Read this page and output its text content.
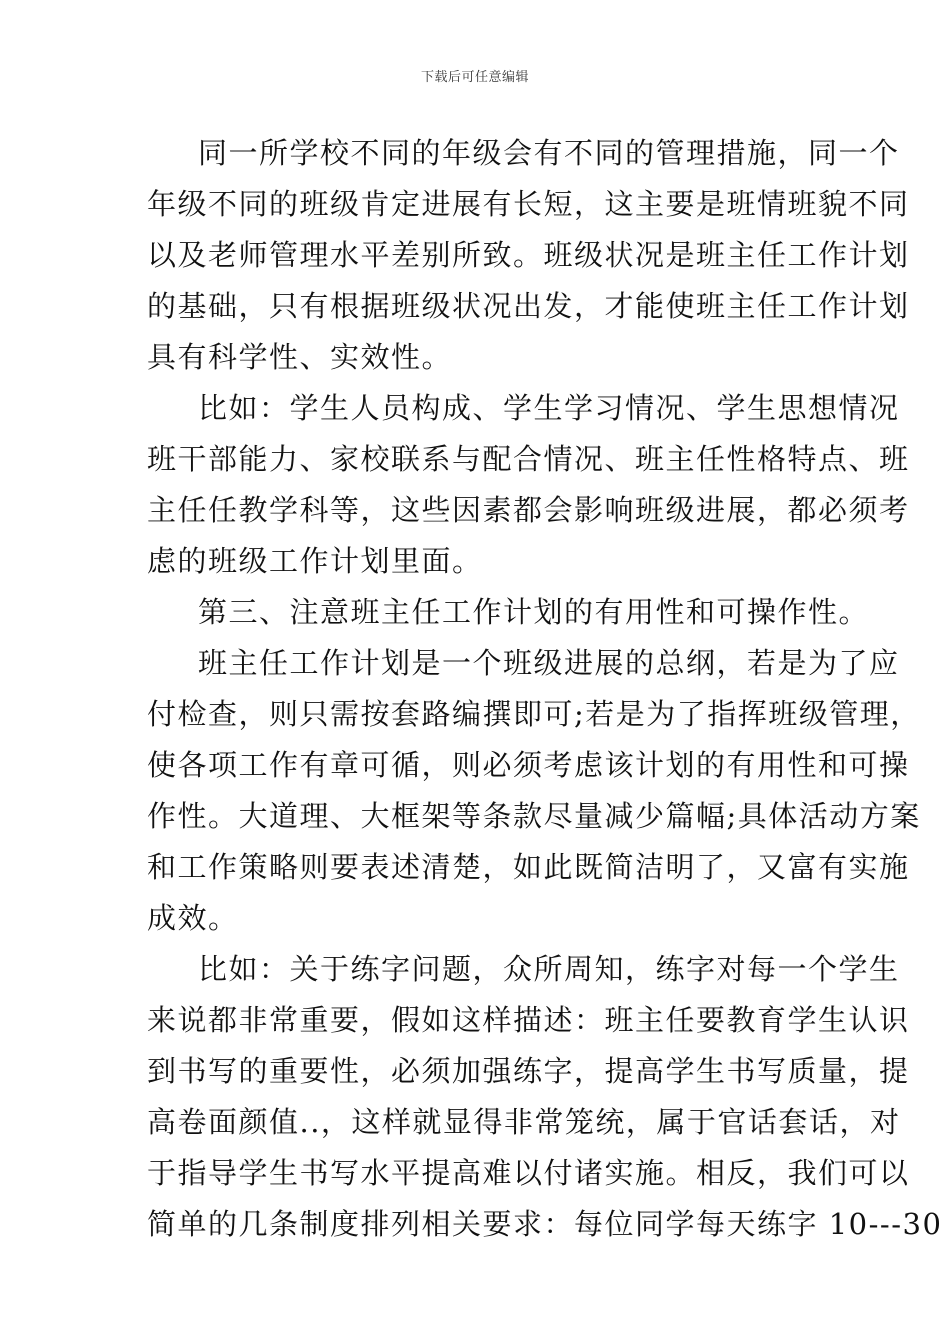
下载后可任意编辑
同一所学校不同的年级会有不同的管理措施，同一个
年级不同的班级肯定进展有长短，这主要是班情班貌不同
以及老师管理水平差别所致。班级状况是班主任工作计划
的基础，只有根据班级状况出发，才能使班主任工作计划
具有科学性、实效性。
比如：学生人员构成、学生学习情况、学生思想情况
班干部能力、家校联系与配合情况、班主任性格特点、班
主任任教学科等，这些因素都会影响班级进展，都必须考
虑的班级工作计划里面。
第三、注意班主任工作计划的有用性和可操作性。
班主任工作计划是一个班级进展的总纲，若是为了应
付检查，则只需按套路编撰即可;若是为了指挥班级管理，
使各项工作有章可循，则必须考虑该计划的有用性和可操
作性。大道理、大框架等条款尽量减少篇幅;具体活动方案
和工作策略则要表述清楚，如此既简洁明了，又富有实施
成效。
比如：关于练字问题，众所周知，练字对每一个学生
来说都非常重要，假如这样描述：班主任要教育学生认识
到书写的重要性，必须加强练字，提高学生书写质量，提
高卷面颜值..，这样就显得非常笼统，属于官话套话，对
于指导学生书写水平提高难以付诸实施。相反，我们可以
简单的几条制度排列相关要求：每位同学每天练字 10---30
